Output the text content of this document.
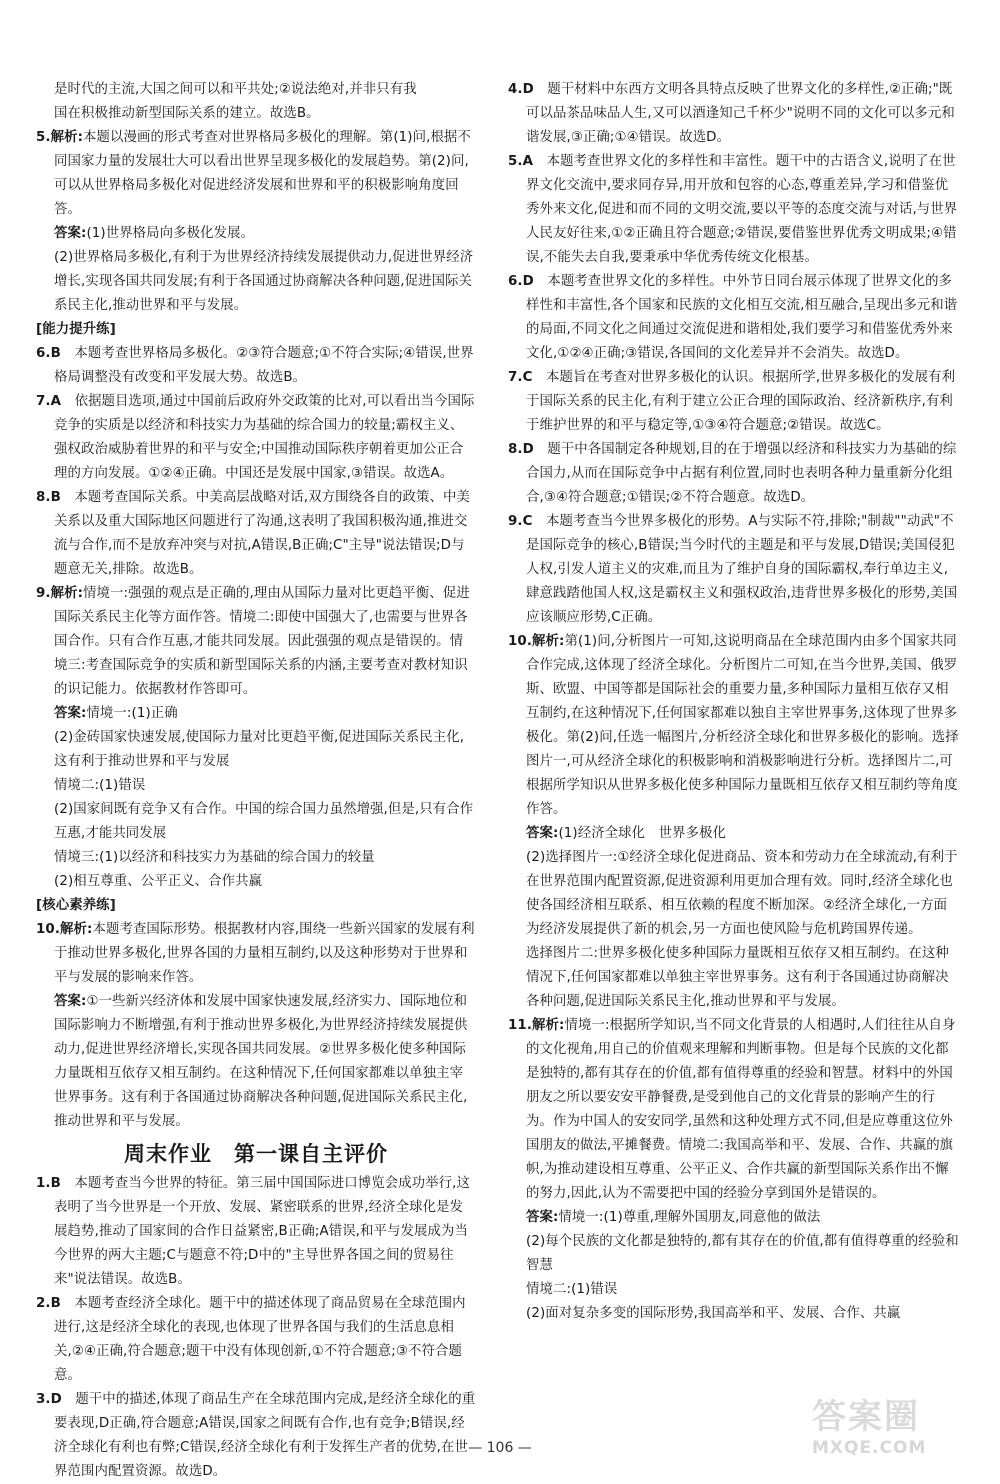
是时代的主流,大国之间可以和平共处;②说法绝对,并非只有我

国在积极推动新型国际关系的建立。故选B。

5.解析:本题以漫画的形式考查对世界格局多极化的理解。第(1)问,根据不同国家力量的发展壮大可以看出世界呈现多极化的发展趋势。第(2)问,可以从世界格局多极化对促进经济发展和世界和平的积极影响角度回答。

答案:(1)世界格局向多极化发展。

(2)世界格局多极化,有利于为世界经济持续发展提供动力,促进世界经济增长,实现各国共同发展;有利于各国通过协商解决各种问题,促进国际关系民主化,推动世界和平与发展。

[能力提升练]

6.B　 本题考查世界格局多极化。②③符合题意;①不符合实际;④错误,世界格局调整没有改变和平发展大势。故选B。

7.A　 依据题目选项,通过中国前后政府外交政策的比对,可以看出当今国际竞争的实质是以经济和科技实力为基础的综合国力的较量;霸权主义、强权政治威胁着世界的和平与安全;中国推动国际秩序朝着更加公正合理的方向发展。①②④正确。中国还是发展中国家,③错误。故选A。

8.B　 本题考查国际关系。中美高层战略对话,双方围绕各自的政策、中美关系以及重大国际地区问题进行了沟通,这表明了我国积极沟通,推进交流与合作,而不是放弃冲突与对抗,A错误,B正确;C"主导"说法错误;D与题意无关,排除。故选B。

9.解析:情境一:强强的观点是正确的,理由从国际力量对比更趋平衡、促进国际关系民主化等方面作答。情境二:即使中国强大了,也需要与世界各国合作。只有合作互惠,才能共同发展。因此强强的观点是错误的。情境三:考查国际竞争的实质和新型国际关系的内涵,主要考查对教材知识的识记能力。依据教材作答即可。

答案:情境一:(1)正确

(2)金砖国家快速发展,使国际力量对比更趋平衡,促进国际关系民主化,这有利于推动世界和平与发展

情境二:(1)错误

(2)国家间既有竞争又有合作。中国的综合国力虽然增强,但是,只有合作互惠,才能共同发展

情境三:(1)以经济和科技实力为基础的综合国力的较量

(2)相互尊重、公平正义、合作共赢

[核心素养练]

10.解析:本题考查国际形势。根据教材内容,围绕一些新兴国家的发展有利于推动世界多极化,世界各国的力量相互制约,以及这种形势对于世界和平与发展的影响来作答。

答案:①一些新兴经济体和发展中国家快速发展,经济实力、国际地位和国际影响力不断增强,有利于推动世界多极化,为世界经济持续发展提供动力,促进世界经济增长,实现各国共同发展。②世界多极化使多种国际力量既相互依存又相互制约。在这种情况下,任何国家都难以单独主宰世界事务。这有利于各国通过协商解决各种问题,促进国际关系民主化,推动世界和平与发展。

周末作业　第一课自主评价

1.B　 本题考查当今世界的特征。第三届中国国际进口博览会成功举行,这表明了当今世界是一个开放、发展、紧密联系的世界,经济全球化是发展趋势,推动了国家间的合作日益紧密,B正确;A错误,和平与发展成为当今世界的两大主题;C与题意不符;D中的"主导世界各国之间的贸易往来"说法错误。故选B。

2.B　 本题考查经济全球化。题干中的描述体现了商品贸易在全球范围内进行,这是经济全球化的表现,也体现了世界各国与我们的生活息息相关,②④正确,符合题意;题干中没有体现创新,①不符合题意;③不符合题意。

3.D　 题干中的描述,体现了商品生产在全球范围内完成,是经济全球化的重要表现,D正确,符合题意;A错误,国家之间既有合作,也有竞争;B错误,经济全球化有利也有弊;C错误,经济全球化有利于发挥生产者的优势,在世界范围内配置资源。故选D。

4.D　 题干材料中东西方文明各具特点反映了世界文化的多样性,②正确;"既可以品茶品味品人生,又可以酒逢知己千杯少"说明不同的文化可以多元和谐发展,③正确;①④错误。故选D。

5.A　 本题考查世界文化的多样性和丰富性。题干中的古语含义,说明了在世界文化交流中,要求同存异,用开放和包容的心态,尊重差异,学习和借鉴优秀外来文化,促进和而不同的文明交流,要以平等的态度交流与对话,与世界人民友好往来,①②正确且符合题意;②错误,要借鉴世界优秀文明成果;④错误,不能失去自我,要秉承中华优秀传统文化根基。

6.D　 本题考查世界文化的多样性。中外节日同台展示体现了世界文化的多样性和丰富性,各个国家和民族的文化相互交流,相互融合,呈现出多元和谐的局面,不同文化之间通过交流促进和谐相处,我们要学习和借鉴优秀外来文化,①②④正确;③错误,各国间的文化差异并不会消失。故选D。

7.C　 本题旨在考查对世界多极化的认识。根据所学,世界多极化的发展有利于国际关系的民主化,有利于建立公正合理的国际政治、经济新秩序,有利于维护世界的和平与稳定等,①③④符合题意;②错误。故选C。

8.D　 题干中各国制定各种规划,目的在于增强以经济和科技实力为基础的综合国力,从而在国际竞争中占据有利位置,同时也表明各种力量重新分化组合,③④符合题意;①错误;②不符合题意。故选D。

9.C　 本题考查当今世界多极化的形势。A与实际不符,排除;"制裁""动武"不是国际竞争的核心,B错误;当今时代的主题是和平与发展,D错误;美国侵犯人权,引发人道主义的灾难,而且为了维护自身的国际霸权,奉行单边主义,肆意践踏他国人权,这是霸权主义和强权政治,违背世界多极化的形势,美国应该顺应形势,C正确。

10.解析:第(1)问,分析图片一可知,这说明商品在全球范围内由多个国家共同合作完成,这体现了经济全球化。分析图片二可知,在当今世界,美国、俄罗斯、欧盟、中国等都是国际社会的重要力量,多种国际力量相互依存又相互制约,在这种情况下,任何国家都难以独自主宰世界事务,这体现了世界多极化。第(2)问,任选一幅图片,分析经济全球化和世界多极化的影响。选择图片一,可从经济全球化的积极影响和消极影响进行分析。选择图片二,可根据所学知识从世界多极化使多种国际力量既相互依存又相互制约等角度作答。

答案:(1)经济全球化　世界多极化

(2)选择图片一:①经济全球化促进商品、资本和劳动力在全球流动,有利于在世界范围内配置资源,促进资源利用更加合理有效。同时,经济全球化也使各国经济相互联系、相互依赖的程度不断加深。②经济全球化,一方面为经济发展提供了新的机会,另一方面也使风险与危机跨国界传递。

选择图片二:世界多极化使多种国际力量既相互依存又相互制约。在这种情况下,任何国家都难以单独主宰世界事务。这有利于各国通过协商解决各种问题,促进国际关系民主化,推动世界和平与发展。

11.解析:情境一:根据所学知识,当不同文化背景的人相遇时,人们往往从自身的文化视角,用自己的价值观来理解和判断事物。但是每个民族的文化都是独特的,都有其存在的价值,都有值得尊重的经验和智慧。材料中的外国朋友之所以要安安平静餐费,是受到他自己的文化背景的影响产生的行为。作为中国人的安安同学,虽然和这种处理方式不同,但是应尊重这位外国朋友的做法,平摊餐费。情境二:我国高举和平、发展、合作、共赢的旗帜,为推动建设相互尊重、公平正义、合作共赢的新型国际关系作出不懈的努力,因此,认为不需要把中国的经验分享到国外是错误的。

答案:情境一:(1)尊重,理解外国朋友,同意他的做法

(2)每个民族的文化都是独特的,都有其存在的价值,都有值得尊重的经验和智慧

情境二:(1)错误

(2)面对复杂多变的国际形势,我国高举和平、发展、合作、共赢

— 106 —
答案圈
MXQE.COM
